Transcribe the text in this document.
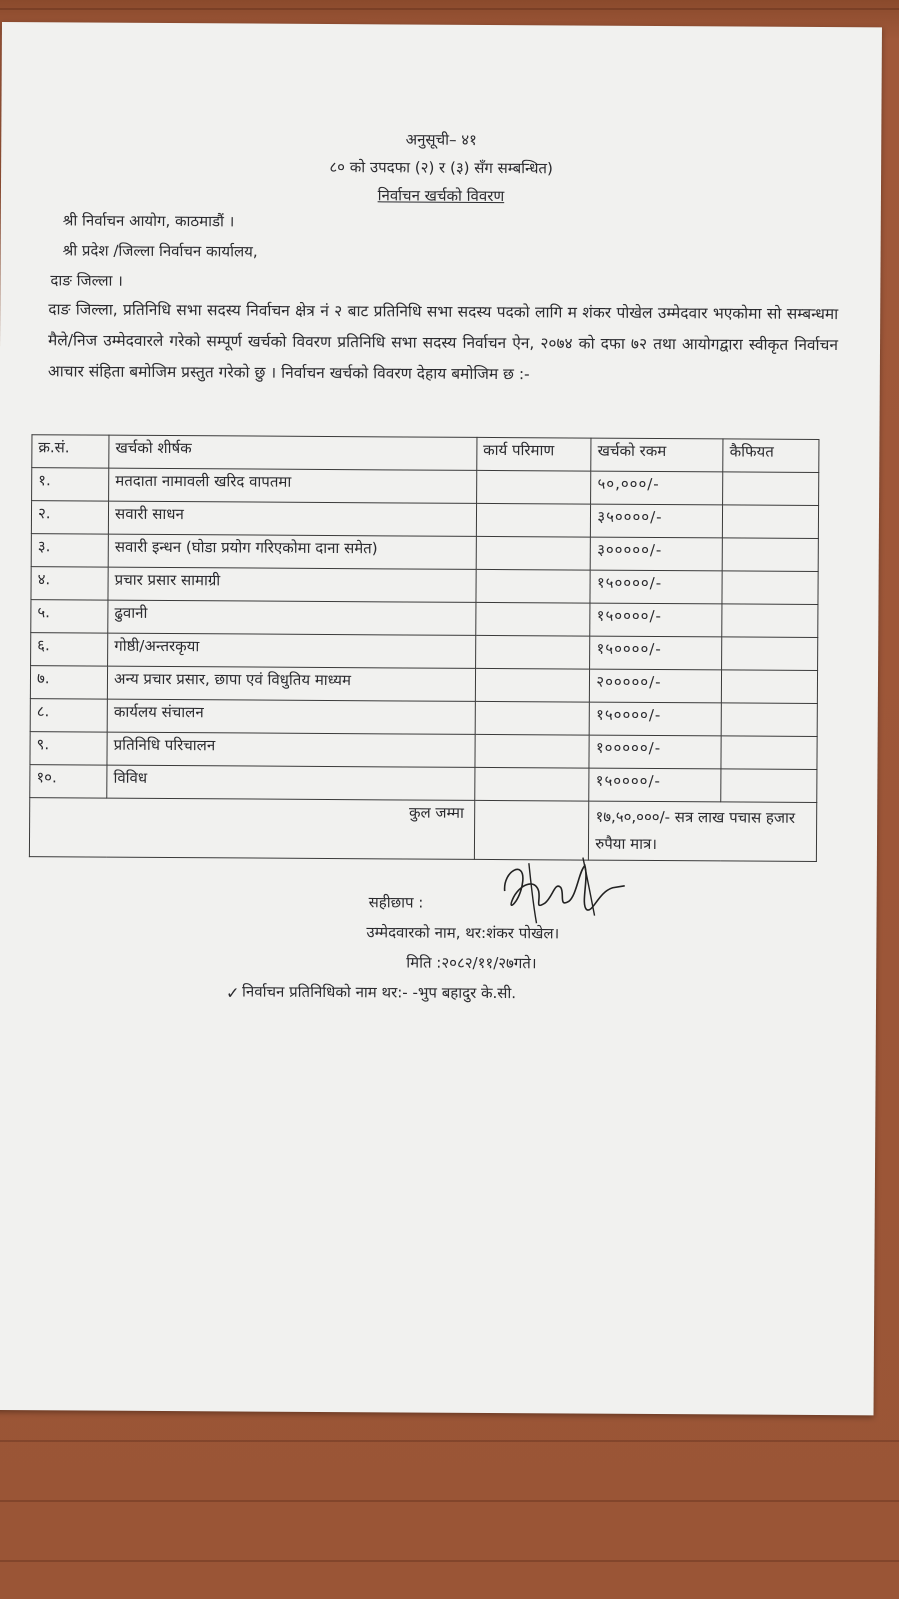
अनुसूची– ४१
८० को उपदफा (२) र (३) सँग सम्बन्धित)
निर्वाचन खर्चको विवरण
श्री निर्वाचन आयोग, काठमाडौं ।
श्री प्रदेश /जिल्ला निर्वाचन कार्यालय,
दाङ जिल्ला ।
दाङ जिल्ला, प्रतिनिधि सभा सदस्य निर्वाचन क्षेत्र नं २ बाट प्रतिनिधि सभा सदस्य पदको लागि म शंकर पोखेल उम्मेदवार भएकोमा सो सम्बन्धमा मैले/निज उम्मेदवारले गरेको सम्पूर्ण खर्चको विवरण प्रतिनिधि सभा सदस्य निर्वाचन ऐन, २०७४ को दफा ७२ तथा आयोगद्वारा स्वीकृत निर्वाचन आचार संहिता बमोजिम प्रस्तुत गरेको छु । निर्वाचन खर्चको विवरण देहाय बमोजिम छ :-
क्र.सं.	खर्चको शीर्षक	कार्य परिमाण	खर्चको रकम	कैफियत
१.	मतदाता नामावली खरिद वापतमा		५०,०००/-	
२.	सवारी साधन		३५००००/-	
३.	सवारी इन्धन (घोडा प्रयोग गरिएकोमा दाना समेत)		३०००००/-	
४.	प्रचार प्रसार सामाग्री		१५००००/-	
५.	ढुवानी		१५००००/-	
६.	गोष्ठी/अन्तरकृया		१५००००/-	
७.	अन्य प्रचार प्रसार, छापा एवं विधुतिय माध्यम		२०००००/-	
८.	कार्यलय संचालन		१५००००/-	
९.	प्रतिनिधि परिचालन		१०००००/-	
१०.	विविध		१५००००/-	
कुल जम्मा			१७,५०,०००/- सत्र लाख पचास हजार रुपैया मात्र।	
सहीछाप :
उम्मेदवारको नाम, थर:शंकर पोखेल।
मिति :२०८२/११/२७गते।
निर्वाचन प्रतिनिधिको नाम थर:- -भुप बहादुर के.सी.
✓
